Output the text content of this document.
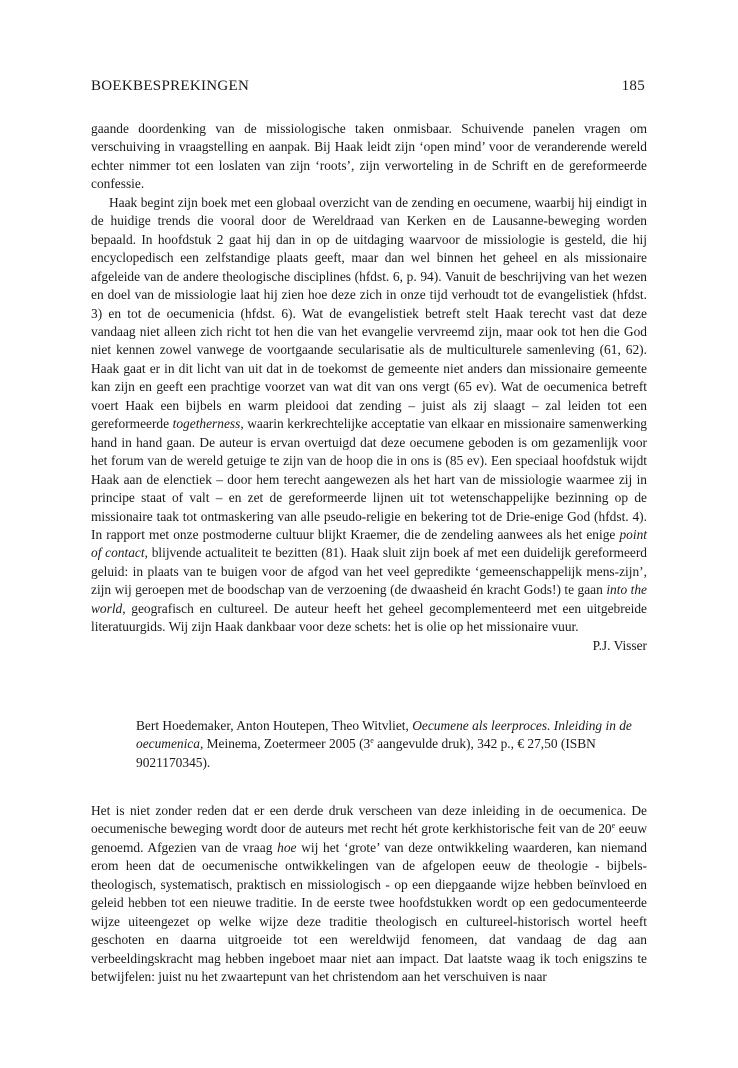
BOEKBESPREKINGEN	185

gaande doordenking van de missiologische taken onmisbaar. Schuivende panelen vragen om verschuiving in vraagstelling en aanpak. Bij Haak leidt zijn ‘open mind’ voor de veranderende wereld echter nimmer tot een loslaten van zijn ‘roots’, zijn verworteling in de Schrift en de gereformeerde confessie.

Haak begint zijn boek met een globaal overzicht van de zending en oecumene, waarbij hij eindigt in de huidige trends die vooral door de Wereldraad van Kerken en de Lausanne-beweging worden bepaald. In hoofdstuk 2 gaat hij dan in op de uitdaging waarvoor de missiologie is gesteld, die hij encyclopedisch een zelfstandige plaats geeft, maar dan wel binnen het geheel en als missionaire afgeleide van de andere theologische disciplines (hfdst. 6, p. 94). Vanuit de beschrijving van het wezen en doel van de missiologie laat hij zien hoe deze zich in onze tijd verhoudt tot de evangelistiek (hfdst. 3) en tot de oecumenicia (hfdst. 6). Wat de evangelistiek betreft stelt Haak terecht vast dat deze vandaag niet alleen zich richt tot hen die van het evangelie vervreemd zijn, maar ook tot hen die God niet kennen zowel vanwege de voortgaande secularisatie als de multiculturele samenleving (61, 62). Haak gaat er in dit licht van uit dat in de toekomst de gemeente niet anders dan missionaire gemeente kan zijn en geeft een prachtige voorzet van wat dit van ons vergt (65 ev). Wat de oecumenica betreft voert Haak een bijbels en warm pleidooi dat zending – juist als zij slaagt – zal leiden tot een gereformeerde togetherness, waarin kerkrechtelijke acceptatie van elkaar en missionaire samenwerking hand in hand gaan. De auteur is ervan overtuigd dat deze oecumene geboden is om gezamenlijk voor het forum van de wereld getuige te zijn van de hoop die in ons is (85 ev). Een speciaal hoofdstuk wijdt Haak aan de elenctiek – door hem terecht aangewezen als het hart van de missiologie waarmee zij in principe staat of valt – en zet de gereformeerde lijnen uit tot wetenschappelijke bezinning op de missionaire taak tot ontmaskering van alle pseudo-religie en bekering tot de Drie-enige God (hfdst. 4). In rapport met onze postmoderne cultuur blijkt Kraemer, die de zendeling aanwees als het enige point of contact, blijvende actualiteit te bezitten (81). Haak sluit zijn boek af met een duidelijk gereformeerd geluid: in plaats van te buigen voor de afgod van het veel gepredikte ‘gemeenschappelijk mens-zijn’, zijn wij geroepen met de boodschap van de verzoening (de dwaasheid én kracht Gods!) te gaan into the world, geografisch en cultureel. De auteur heeft het geheel gecomplementeerd met een uitgebreide literatuurgids. Wij zijn Haak dankbaar voor deze schets: het is olie op het missionaire vuur.

P.J. Visser

Bert Hoedemaker, Anton Houtepen, Theo Witvliet, Oecumene als leerproces. Inleiding in de oecumenica, Meinema, Zoetermeer 2005 (3e aangevulde druk), 342 p., € 27,50 (ISBN 9021170345).

Het is niet zonder reden dat er een derde druk verscheen van deze inleiding in de oecumenica. De oecumenische beweging wordt door de auteurs met recht hét grote kerkhistorische feit van de 20e eeuw genoemd. Afgezien van de vraag hoe wij het ‘grote’ van deze ontwikkeling waarderen, kan niemand erom heen dat de oecumenische ontwikkelingen van de afgelopen eeuw de theologie - bijbels-theologisch, systematisch, praktisch en missiologisch - op een diepgaande wijze hebben beïnvloed en geleid hebben tot een nieuwe traditie. In de eerste twee hoofdstukken wordt op een gedocumenteerde wijze uiteengezet op welke wijze deze traditie theologisch en cultureel-historisch wortel heeft geschoten en daarna uitgroeide tot een wereldwijd fenomeen, dat vandaag de dag aan verbeeldingskracht mag hebben ingeboet maar niet aan impact. Dat laatste waag ik toch enigszins te betwijfelen: juist nu het zwaartepunt van het christendom aan het verschuiven is naar
